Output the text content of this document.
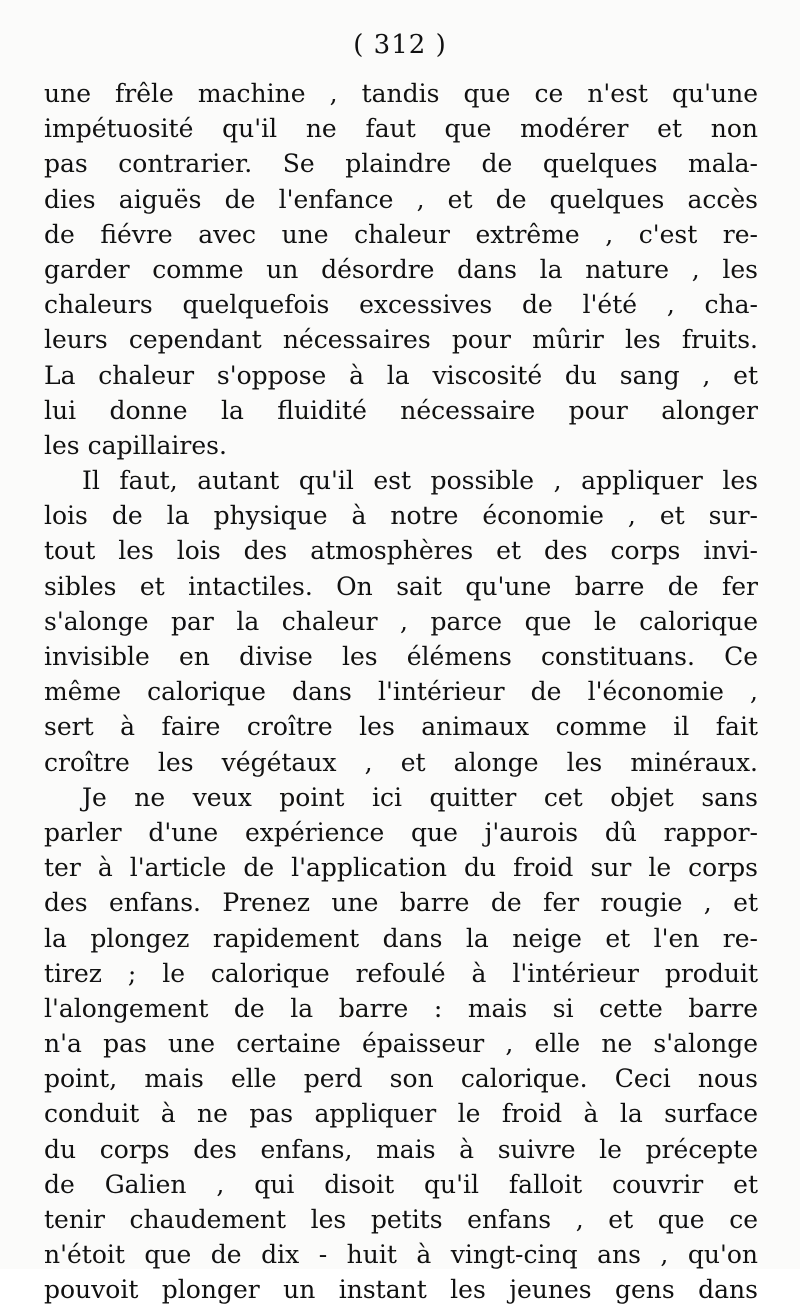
( 312 )
une frêle machine , tandis que ce n'est qu'une
impétuosité qu'il ne faut que modérer et non
pas contrarier. Se plaindre de quelques mala-
dies aiguës de l'enfance , et de quelques accès
de fiévre avec une chaleur extrême , c'est re-
garder comme un désordre dans la nature , les
chaleurs quelquefois excessives de l'été , cha-
leurs cependant nécessaires pour mûrir les fruits.
La chaleur s'oppose à la viscosité du sang , et
lui donne la fluidité nécessaire pour alonger
les capillaires.
Il faut, autant qu'il est possible , appliquer les
lois de la physique à notre économie , et sur-
tout les lois des atmosphères et des corps invi-
sibles et intactiles. On sait qu'une barre de fer
s'alonge par la chaleur , parce que le calorique
invisible en divise les élémens constituans. Ce
même calorique dans l'intérieur de l'économie ,
sert à faire croître les animaux comme il fait
croître les végétaux , et alonge les minéraux.
Je ne veux point ici quitter cet objet sans
parler d'une expérience que j'aurois dû rappor-
ter à l'article de l'application du froid sur le corps
des enfans. Prenez une barre de fer rougie , et
la plongez rapidement dans la neige et l'en re-
tirez ; le calorique refoulé à l'intérieur produit
l'alongement de la barre : mais si cette barre
n'a pas une certaine épaisseur , elle ne s'alonge
point, mais elle perd son calorique. Ceci nous
conduit à ne pas appliquer le froid à la surface
du corps des enfans, mais à suivre le précepte
de Galien , qui disoit qu'il falloit couvrir et
tenir chaudement les petits enfans , et que ce
n'étoit que de dix - huit à vingt-cinq ans , qu'on
pouvoit plonger un instant les jeunes gens dans
